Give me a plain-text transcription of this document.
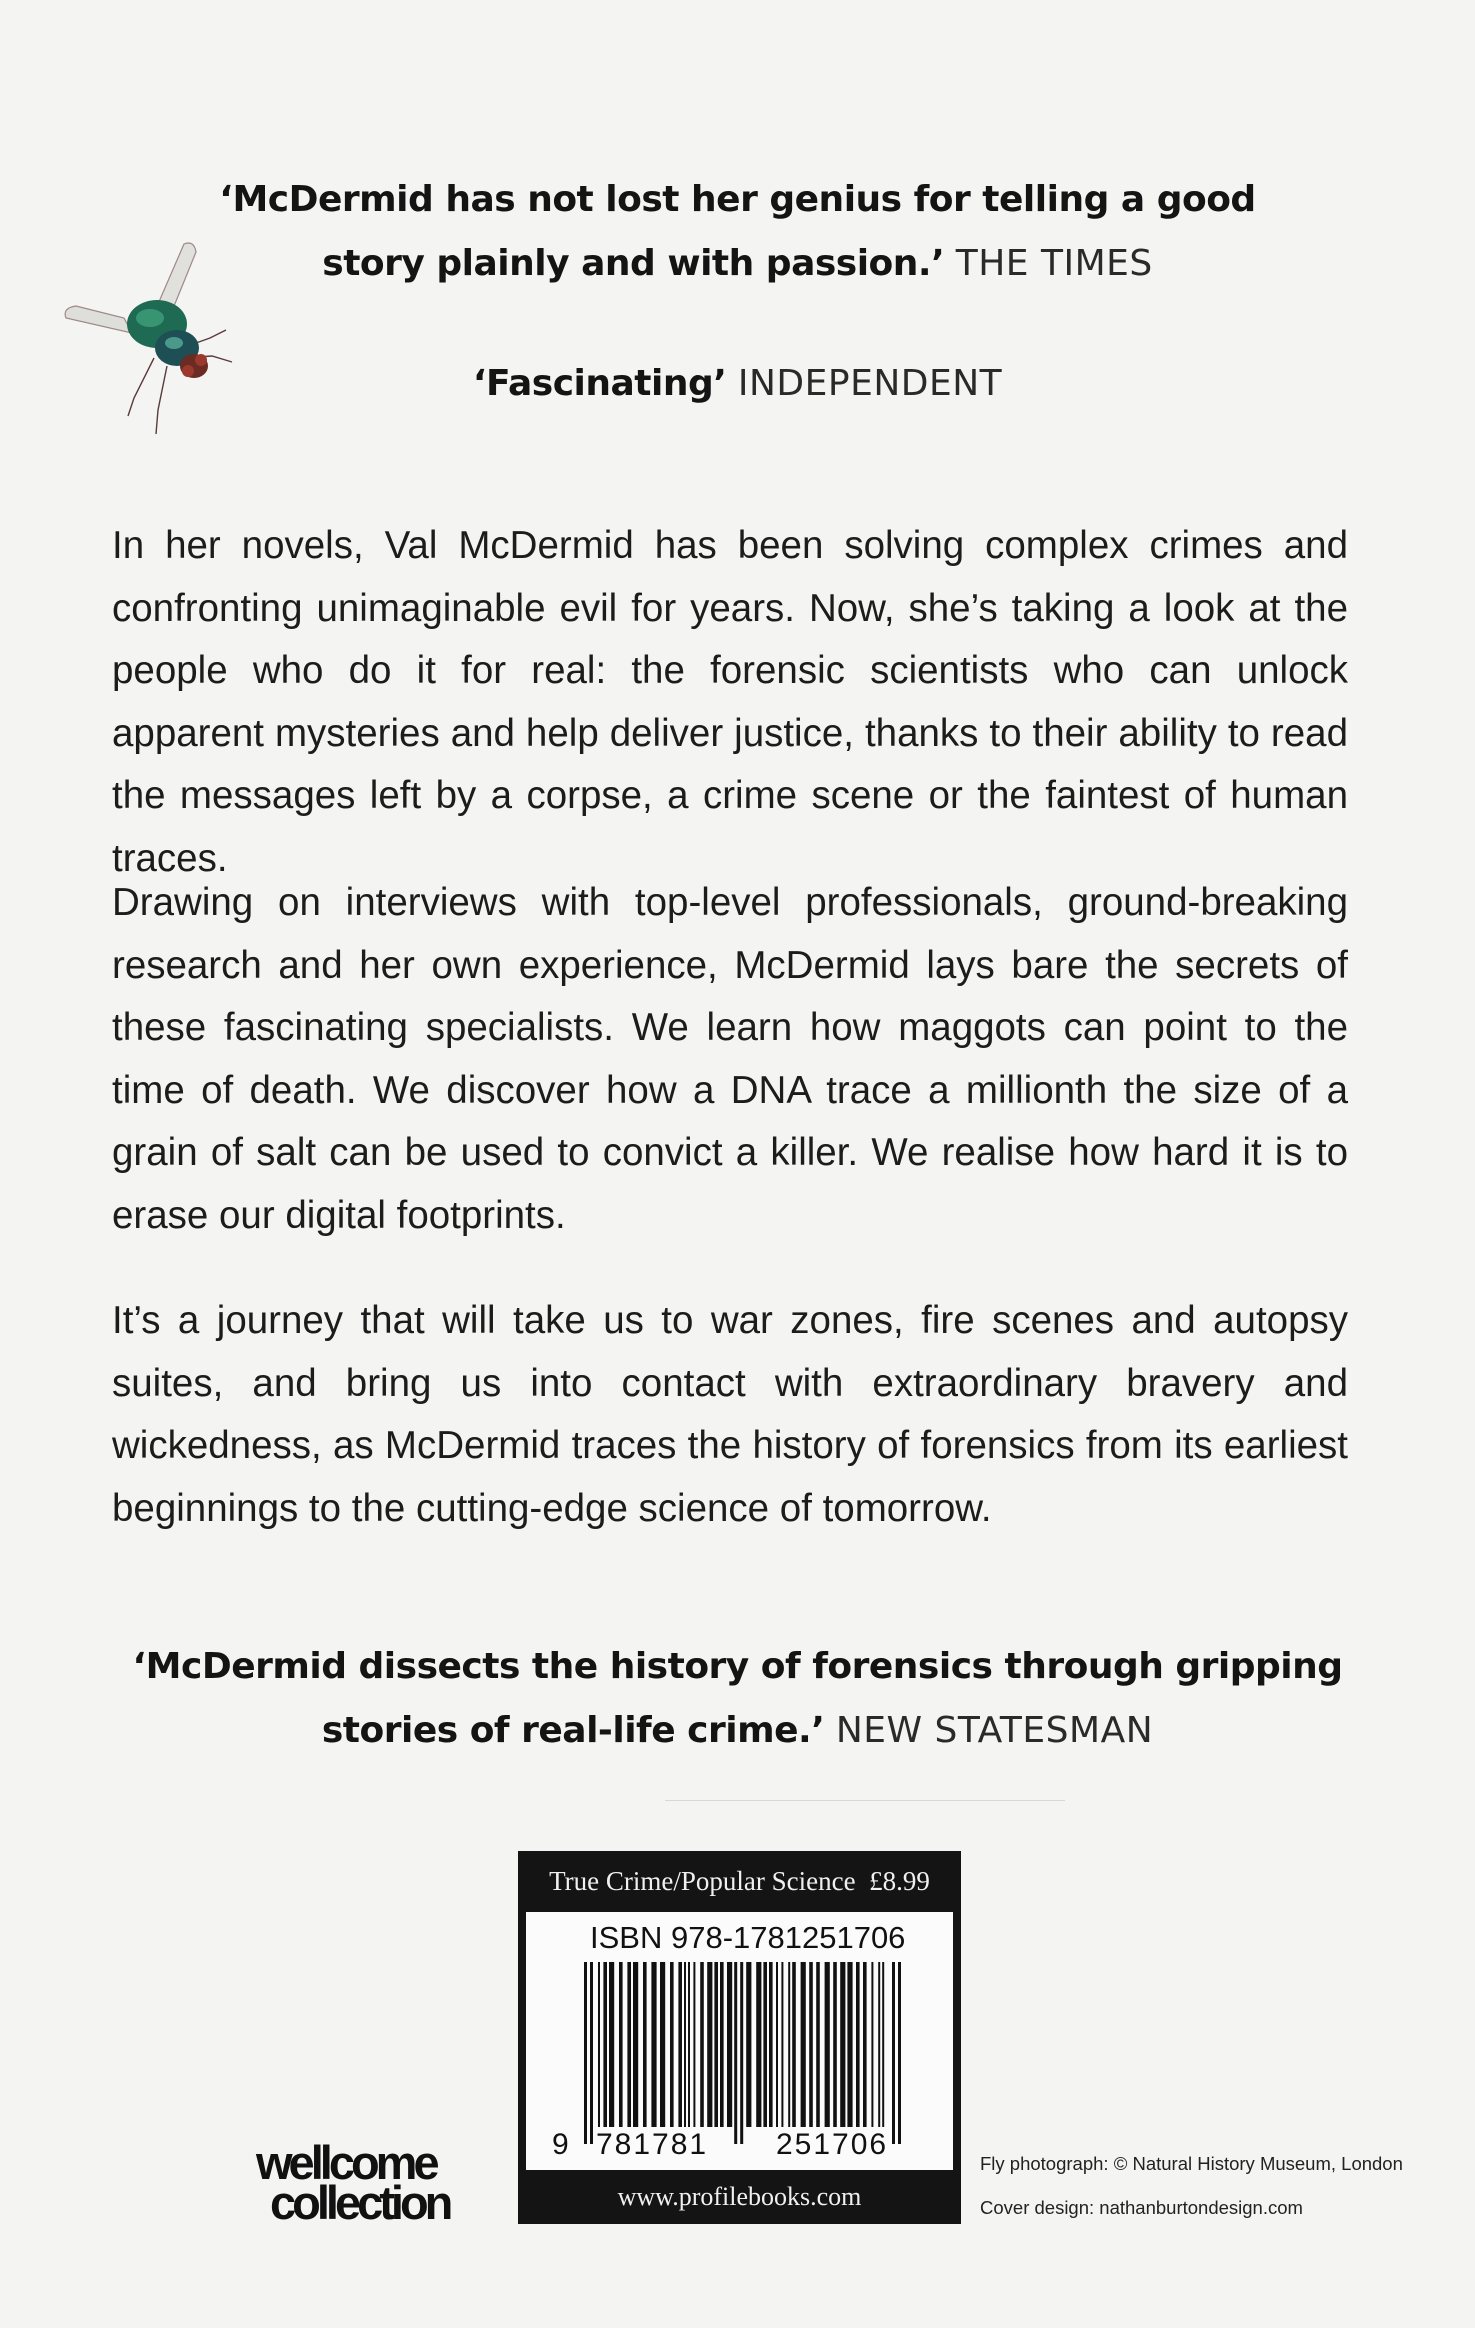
‘McDermid has not lost her genius for telling a good
story plainly and with passion.’ THE TIMES
‘Fascinating’ INDEPENDENT

In her novels, Val McDermid has been solving complex crimes and confronting unimaginable evil for years. Now, she’s taking a look at the people who do it for real: the forensic scientists who can unlock apparent mysteries and help deliver justice, thanks to their ability to read the messages left by a corpse, a crime scene or the faintest of human traces.

Drawing on interviews with top-level professionals, ground-breaking research and her own experience, McDermid lays bare the secrets of these fascinating specialists. We learn how maggots can point to the time of death. We discover how a DNA trace a millionth the size of a grain of salt can be used to convict a killer. We realise how hard it is to erase our digital footprints.

It’s a journey that will take us to war zones, fire scenes and autopsy suites, and bring us into contact with extraordinary bravery and wickedness, as McDermid traces the history of forensics from its earliest beginnings to the cutting-edge science of tomorrow.

‘McDermid dissects the history of forensics through gripping
stories of real-life crime.’ NEW STATESMAN
True Crime/Popular Science £8.99
ISBN 978-1781251706
9 781781 251706
www.profilebooks.com
wellcome
collection
Fly photograph: © Natural History Museum, London
Cover design: nathanburtondesign.com
